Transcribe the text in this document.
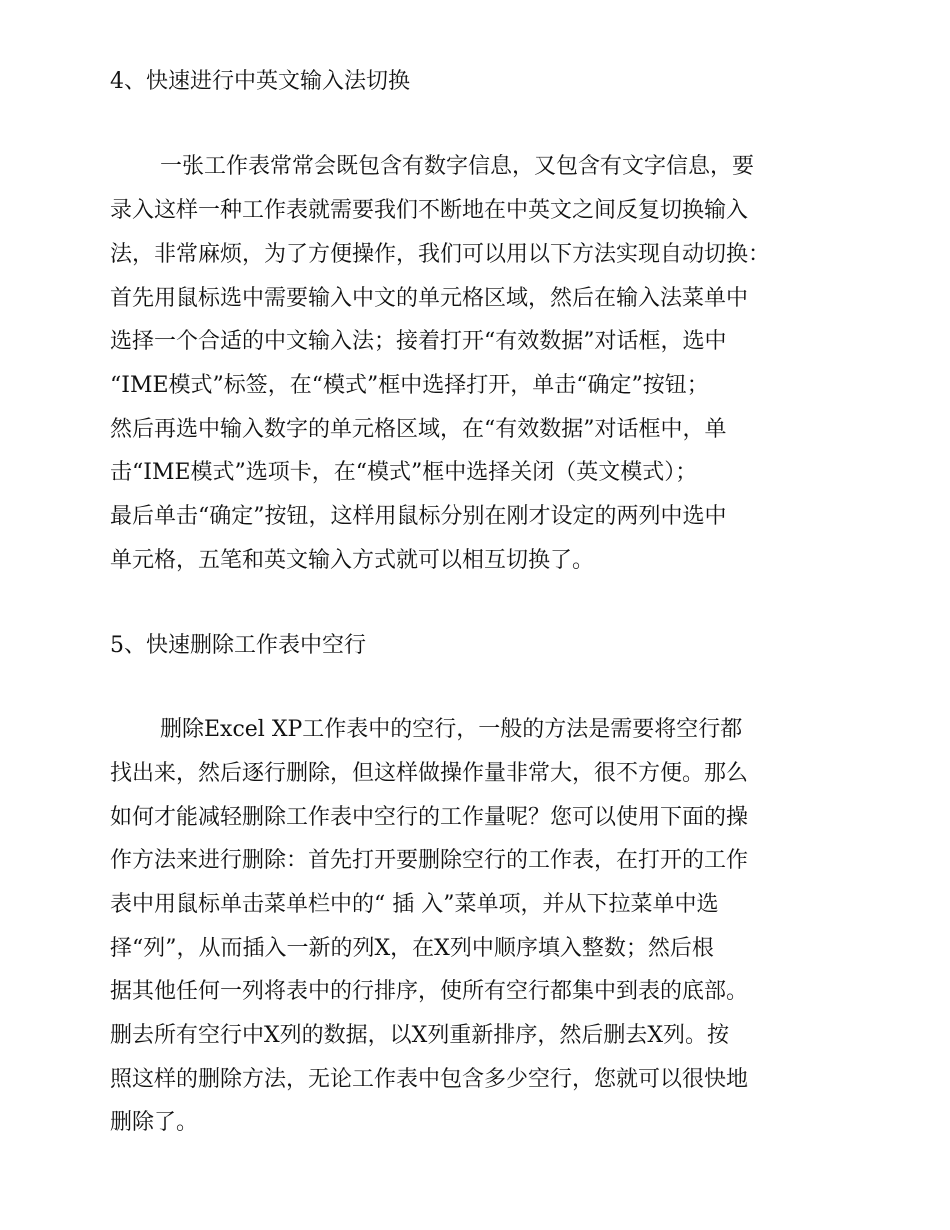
4、快速进行中英文输入法切换

一张工作表常常会既包含有数字信息，又包含有文字信息，要

录入这样一种工作表就需要我们不断地在中英文之间反复切换输入

法，非常麻烦，为了方便操作，我们可以用以下方法实现自动切换：

首先用鼠标选中需要输入中文的单元格区域，然后在输入法菜单中

选择一个合适的中文输入法；接着打开“有效数据”对话框，选中

“IME模式”标签，在“模式”框中选择打开，单击“确定”按钮；

然后再选中输入数字的单元格区域，在“有效数据”对话框中，单

击“IME模式”选项卡，在“模式”框中选择关闭（英文模式）；

最后单击“确定”按钮，这样用鼠标分别在刚才设定的两列中选中

单元格，五笔和英文输入方式就可以相互切换了。

5、快速删除工作表中空行

删除Excel XP工作表中的空行，一般的方法是需要将空行都

找出来，然后逐行删除，但这样做操作量非常大，很不方便。那么

如何才能减轻删除工作表中空行的工作量呢？您可以使用下面的操

作方法来进行删除：首先打开要删除空行的工作表，在打开的工作

表中用鼠标单击菜单栏中的“ 插 入”菜单项，并从下拉菜单中选

择“列”，从而插入一新的列X，在X列中顺序填入整数；然后根

据其他任何一列将表中的行排序，使所有空行都集中到表的底部。

删去所有空行中X列的数据，以X列重新排序，然后删去X列。按

照这样的删除方法，无论工作表中包含多少空行，您就可以很快地

删除了。
